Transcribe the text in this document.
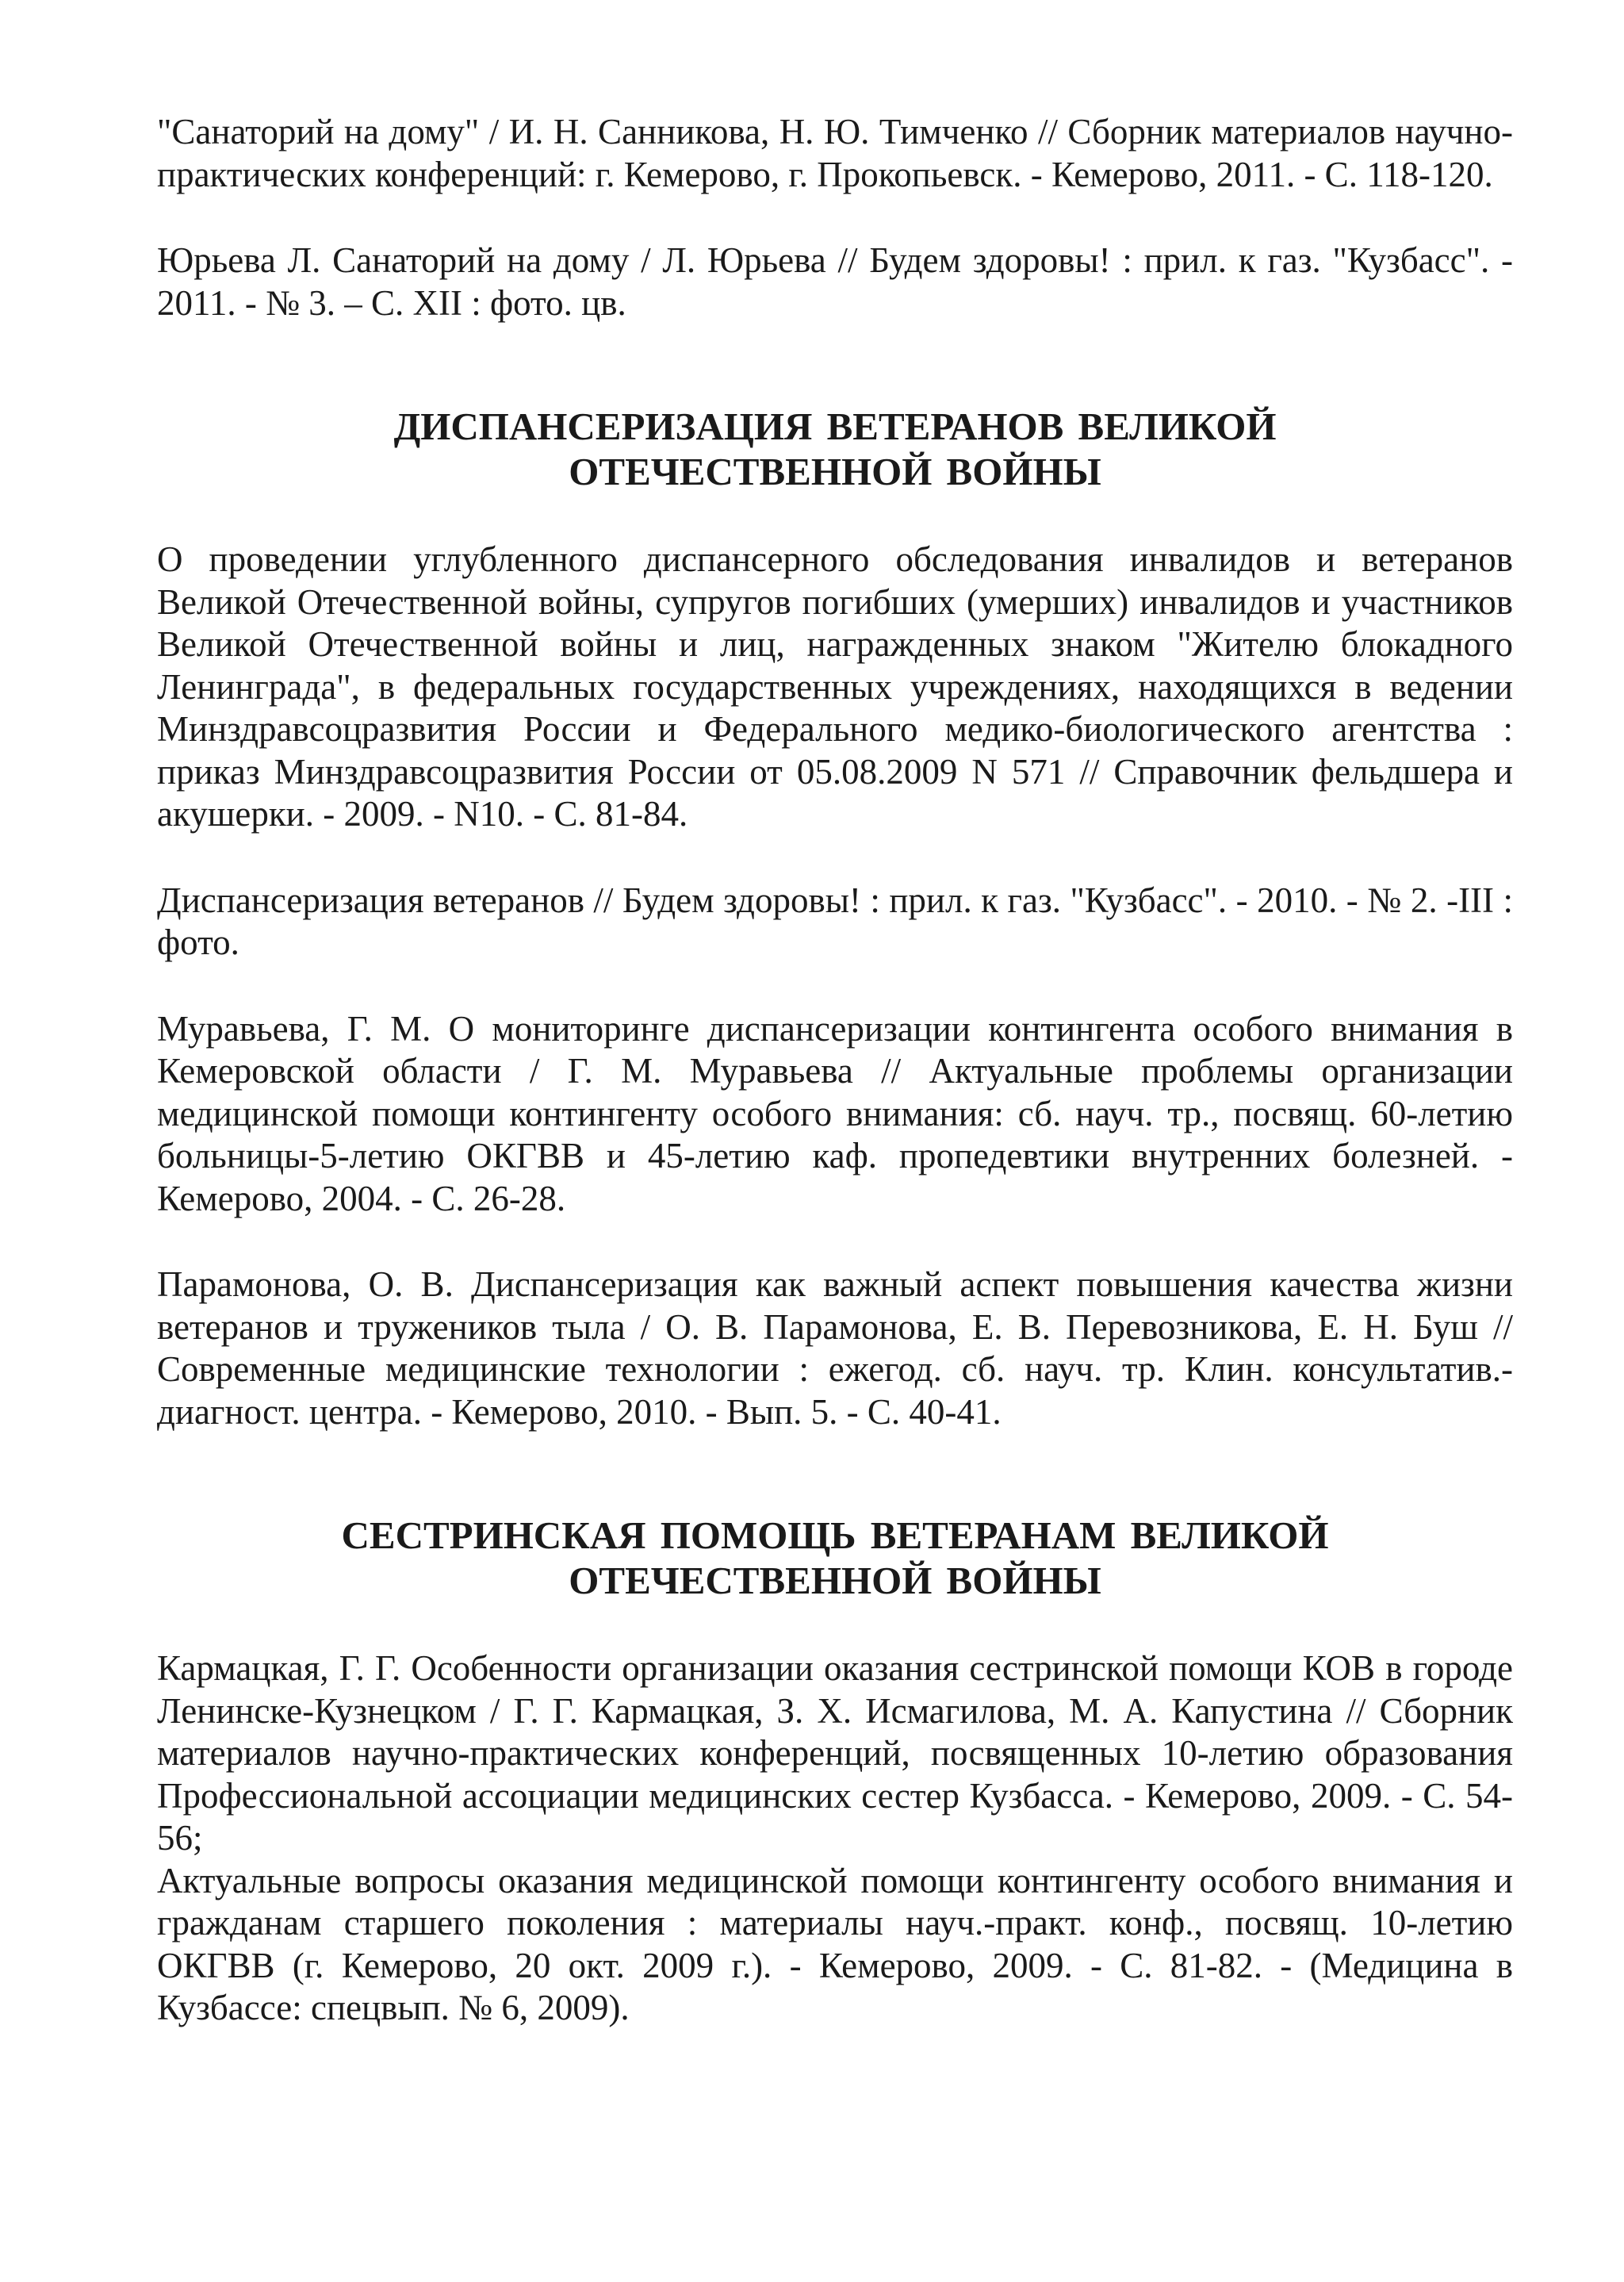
"Санаторий на дому" / И. Н. Санникова, Н. Ю. Тимченко // Сборник материалов научно-практических конференций: г. Кемерово, г. Прокопьевск. - Кемерово, 2011. - С. 118-120.

Юрьева Л. Санаторий на дому / Л. Юрьева // Будем здоровы! : прил. к газ. "Кузбасс". - 2011. - № 3. – С. XII : фото. цв.

ДИСПАНСЕРИЗАЦИЯ ВЕТЕРАНОВ ВЕЛИКОЙ

ОТЕЧЕСТВЕННОЙ ВОЙНЫ

О проведении углубленного диспансерного обследования инвалидов и ветеранов Великой Отечественной войны, супругов погибших (умерших) инвалидов и участников Великой Отечественной войны и лиц, награжденных знаком "Жителю блокадного Ленинграда", в федеральных государственных учреждениях, находящихся в ведении Минздравсоцразвития России и Федерального медико-биологического агентства : приказ Минздравсоцразвития России от 05.08.2009 N 571 // Справочник фельдшера и акушерки. - 2009. - N10. - С. 81-84.

Диспансеризация ветеранов // Будем здоровы! : прил. к газ. "Кузбасс". - 2010. - № 2. -III : фото.

Муравьева, Г. М. О мониторинге диспансеризации контингента особого внимания в Кемеровской области / Г. М. Муравьева // Актуальные проблемы организации медицинской помощи контингенту особого внимания: сб. науч. тр., посвящ. 60-летию больницы-5-летию ОКГВВ и 45-летию каф. пропедевтики внутренних болезней. - Кемерово, 2004. - С. 26-28.

Парамонова, О. В. Диспансеризация как важный аспект повышения качества жизни ветеранов и тружеников тыла / О. В. Парамонова, Е. В. Перевозникова, Е. Н. Буш // Современные медицинские технологии : ежегод. сб. науч. тр. Клин. консультатив.-диагност. центра. - Кемерово, 2010. - Вып. 5. - С. 40-41.

СЕСТРИНСКАЯ ПОМОЩЬ ВЕТЕРАНАМ ВЕЛИКОЙ

ОТЕЧЕСТВЕННОЙ ВОЙНЫ

Кармацкая, Г. Г. Особенности организации оказания сестринской помощи КОВ в городе Ленинске-Кузнецком / Г. Г. Кармацкая, З. Х. Исмагилова, М. А. Капустина // Сборник материалов научно-практических конференций, посвященных 10-летию образования Профессиональной ассоциации медицинских сестер Кузбасса. - Кемерово, 2009. - С. 54-56;

Актуальные вопросы оказания медицинской помощи контингенту особого внимания и гражданам старшего поколения : материалы науч.-практ. конф., посвящ. 10-летию ОКГВВ (г. Кемерово, 20 окт. 2009 г.). - Кемерово, 2009. - С. 81-82. - (Медицина в Кузбассе: спецвып. № 6, 2009).
